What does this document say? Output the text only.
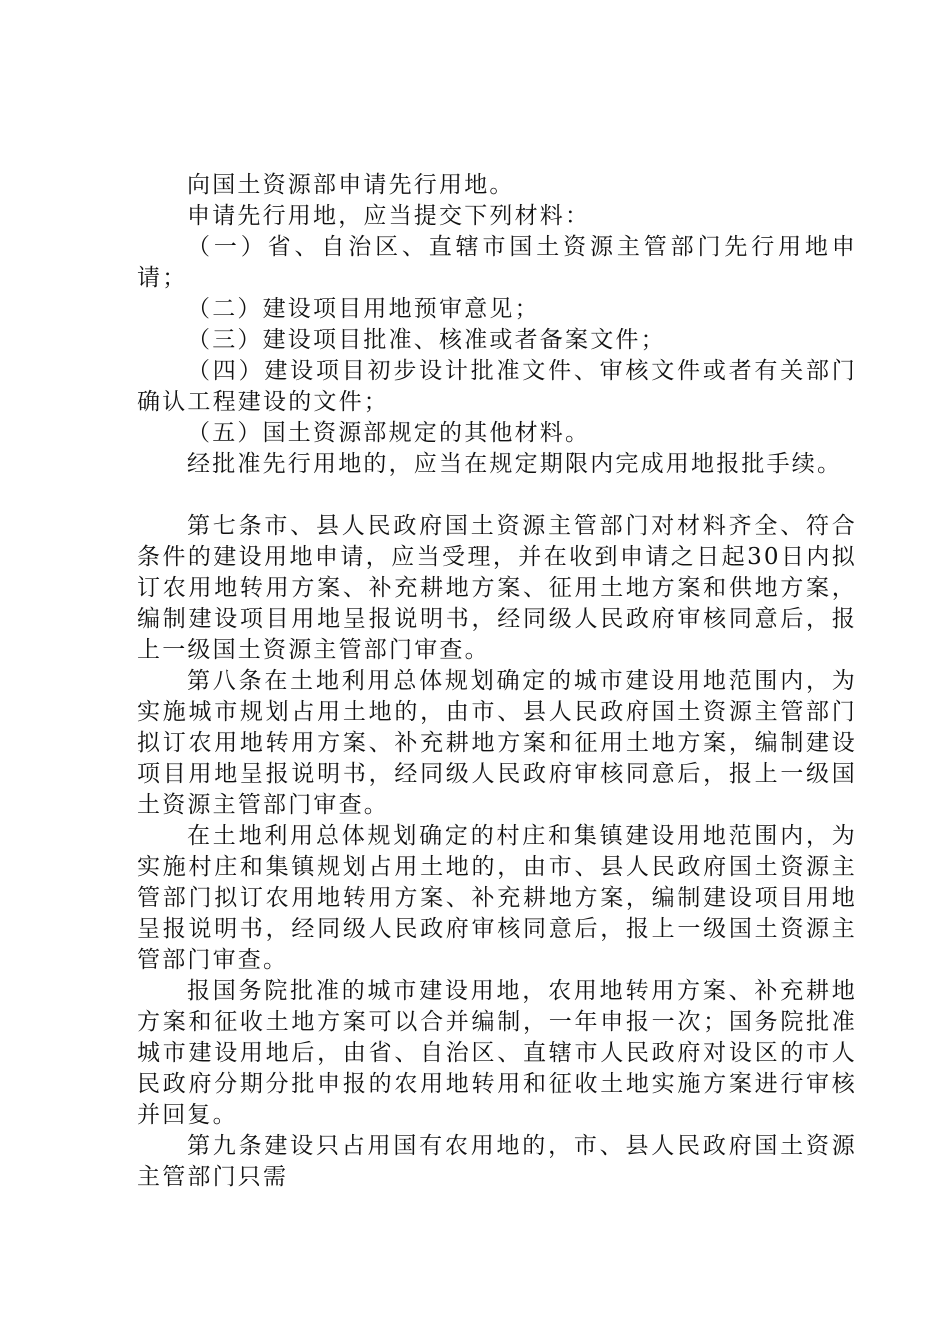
向国土资源部申请先行用地。

申请先行用地，应当提交下列材料：

（一）省、自治区、直辖市国土资源主管部门先行用地申请；

（二）建设项目用地预审意见；

（三）建设项目批准、核准或者备案文件；

（四）建设项目初步设计批准文件、审核文件或者有关部门确认工程建设的文件；

（五）国土资源部规定的其他材料。

经批准先行用地的，应当在规定期限内完成用地报批手续。

第七条市、县人民政府国土资源主管部门对材料齐全、符合条件的建设用地申请，应当受理，并在收到申请之日起30日内拟订农用地转用方案、补充耕地方案、征用土地方案和供地方案，编制建设项目用地呈报说明书，经同级人民政府审核同意后，报上一级国土资源主管部门审查。

第八条在土地利用总体规划确定的城市建设用地范围内，为实施城市规划占用土地的，由市、县人民政府国土资源主管部门拟订农用地转用方案、补充耕地方案和征用土地方案，编制建设项目用地呈报说明书，经同级人民政府审核同意后，报上一级国土资源主管部门审查。

在土地利用总体规划确定的村庄和集镇建设用地范围内，为实施村庄和集镇规划占用土地的，由市、县人民政府国土资源主管部门拟订农用地转用方案、补充耕地方案，编制建设项目用地呈报说明书，经同级人民政府审核同意后，报上一级国土资源主管部门审查。

报国务院批准的城市建设用地，农用地转用方案、补充耕地方案和征收土地方案可以合并编制，一年申报一次；国务院批准城市建设用地后，由省、自治区、直辖市人民政府对设区的市人民政府分期分批申报的农用地转用和征收土地实施方案进行审核并回复。

第九条建设只占用国有农用地的，市、县人民政府国土资源主管部门只需
